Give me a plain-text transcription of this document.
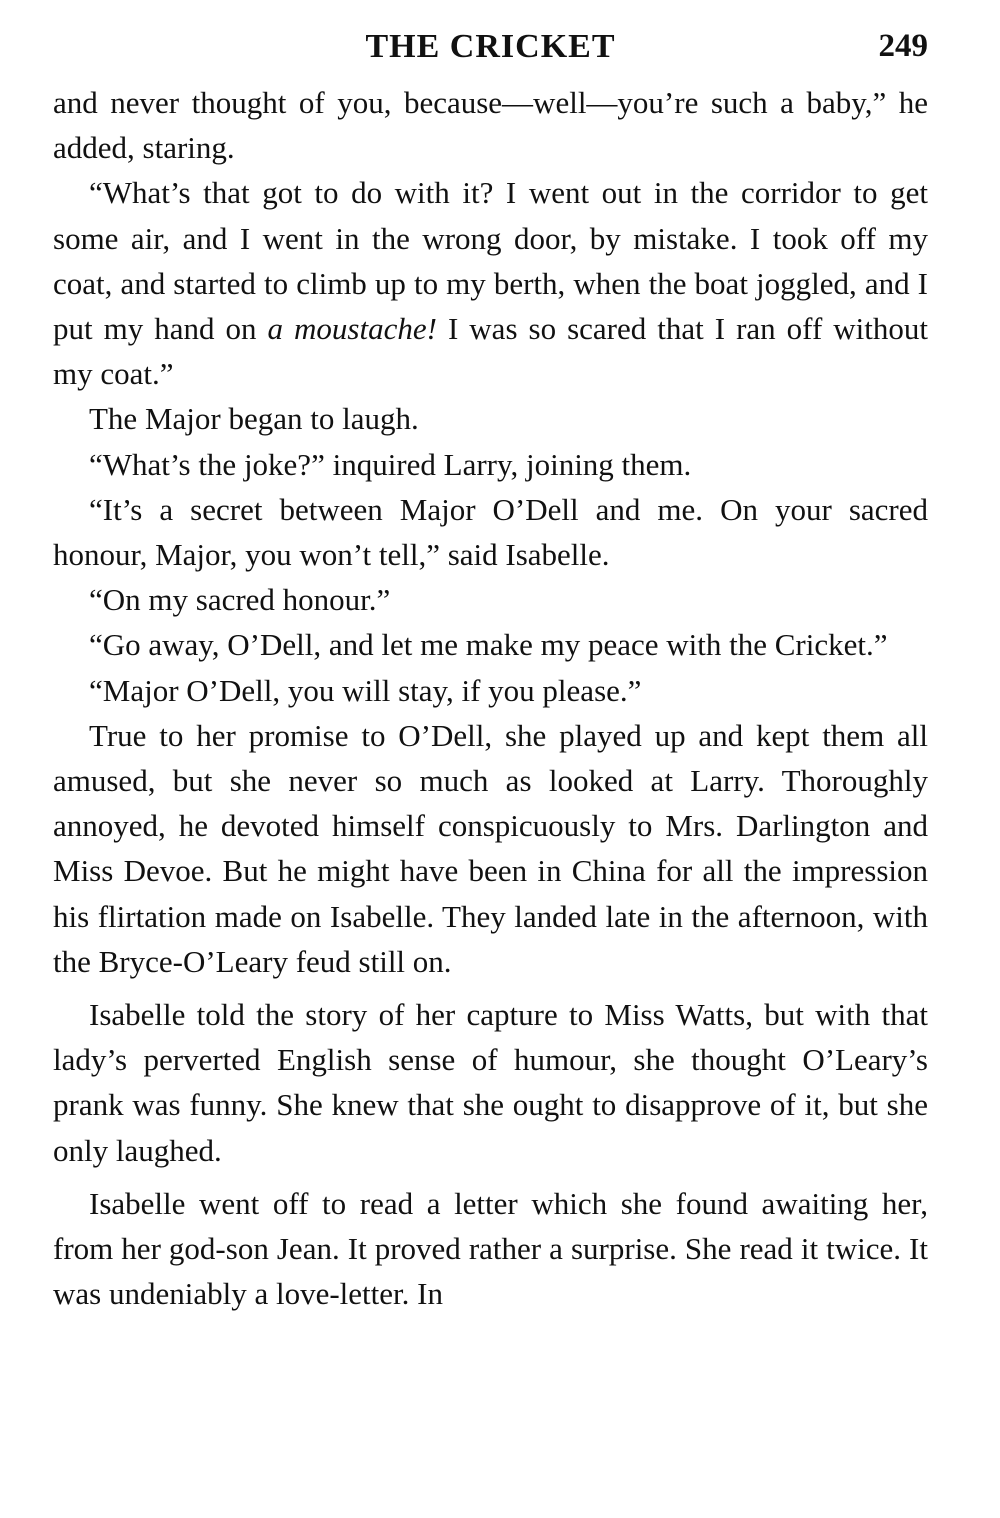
THE CRICKET	249

and never thought of you, because—well—you’re such a baby,” he added, staring.

“What’s that got to do with it? I went out in the corridor to get some air, and I went in the wrong door, by mistake. I took off my coat, and started to climb up to my berth, when the boat joggled, and I put my hand on a moustache! I was so scared that I ran off without my coat.”

The Major began to laugh.

“What’s the joke?” inquired Larry, joining them.

“It’s a secret between Major O’Dell and me. On your sacred honour, Major, you won’t tell,” said Isabelle.

“On my sacred honour.”

“Go away, O’Dell, and let me make my peace with the Cricket.”

“Major O’Dell, you will stay, if you please.”

True to her promise to O’Dell, she played up and kept them all amused, but she never so much as looked at Larry. Thoroughly annoyed, he devoted himself conspicuously to Mrs. Darlington and Miss Devoe. But he might have been in China for all the impression his flirtation made on Isabelle. They landed late in the afternoon, with the Bryce-O’Leary feud still on.

Isabelle told the story of her capture to Miss Watts, but with that lady’s perverted English sense of humour, she thought O’Leary’s prank was funny. She knew that she ought to disapprove of it, but she only laughed.

Isabelle went off to read a letter which she found awaiting her, from her god-son Jean. It proved rather a surprise. She read it twice. It was undeniably a love-letter. In
